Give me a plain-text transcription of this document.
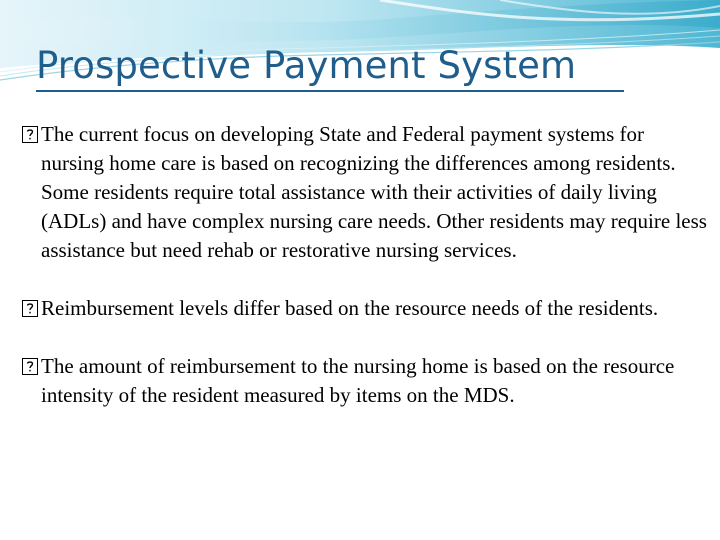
Prospective Payment System
The current focus on developing State and Federal payment systems for nursing home care is based on recognizing the differences among residents. Some residents require total assistance with their activities of daily living (ADLs) and have complex nursing care needs. Other residents may require less assistance but need rehab or restorative nursing services.
Reimbursement levels differ based on the resource needs of the residents.
The amount of reimbursement to the nursing home is based on the resource intensity of the resident measured by items on the MDS.
